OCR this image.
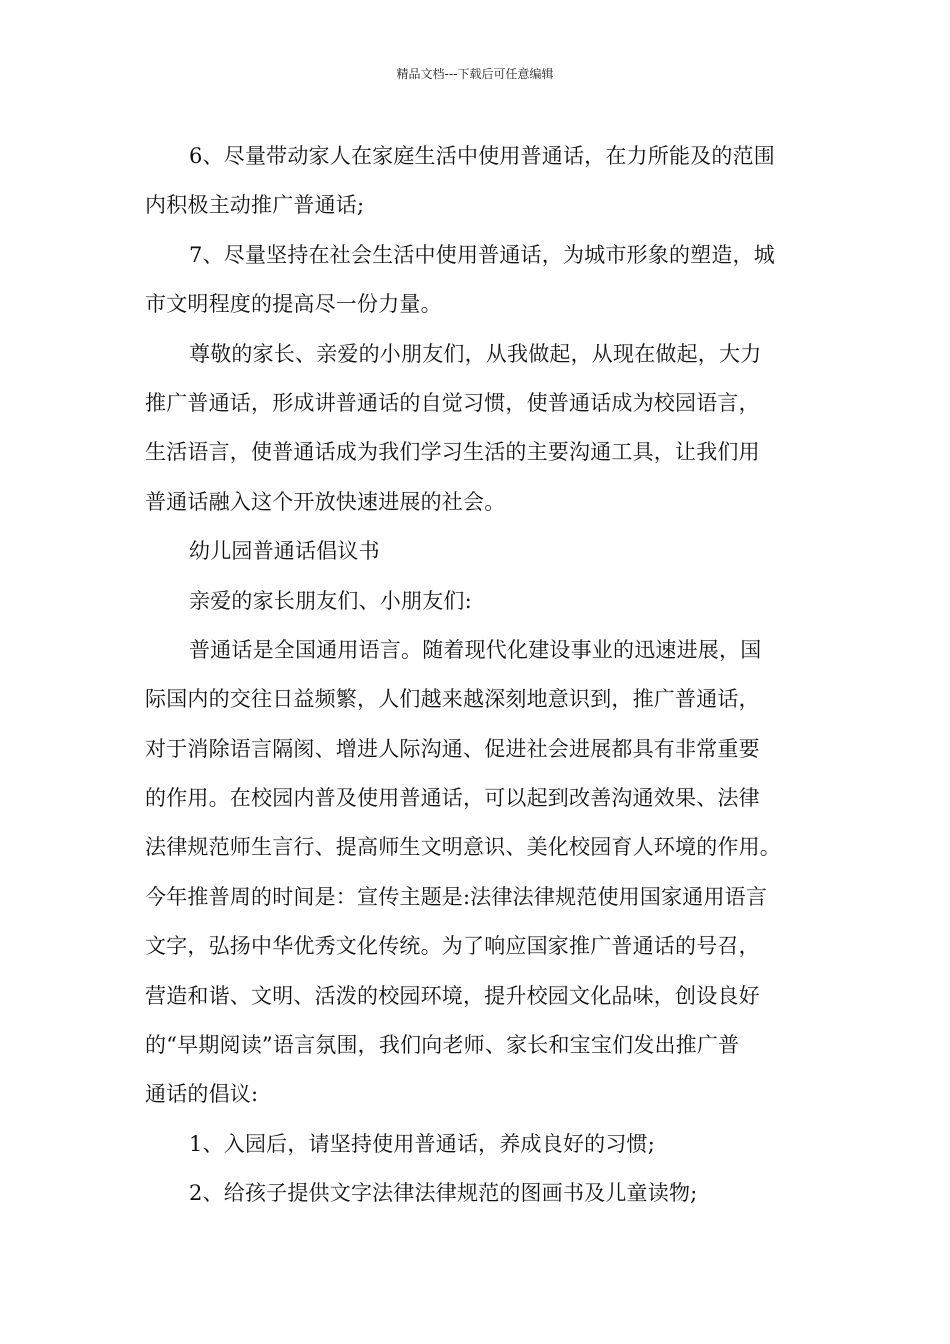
精品文档---下载后可任意编辑
6、尽量带动家人在家庭生活中使用普通话，在力所能及的范围
内积极主动推广普通话;
7、尽量坚持在社会生活中使用普通话，为城市形象的塑造，城
市文明程度的提高尽一份力量。
尊敬的家长、亲爱的小朋友们，从我做起，从现在做起，大力
推广普通话，形成讲普通话的自觉习惯，使普通话成为校园语言，
生活语言，使普通话成为我们学习生活的主要沟通工具，让我们用
普通话融入这个开放快速进展的社会。
幼儿园普通话倡议书
亲爱的家长朋友们、小朋友们:
普通话是全国通用语言。随着现代化建设事业的迅速进展，国
际国内的交往日益频繁，人们越来越深刻地意识到，推广普通话，
对于消除语言隔阂、增进人际沟通、促进社会进展都具有非常重要
的作用。在校园内普及使用普通话，可以起到改善沟通效果、法律
法律规范师生言行、提高师生文明意识、美化校园育人环境的作用。
今年推普周的时间是：宣传主题是:法律法律规范使用国家通用语言
文字，弘扬中华优秀文化传统。为了响应国家推广普通话的号召，
营造和谐、文明、活泼的校园环境，提升校园文化品味，创设良好
的“早期阅读”语言氛围，我们向老师、家长和宝宝们发出推广普
通话的倡议:
1、入园后，请坚持使用普通话，养成良好的习惯;
2、给孩子提供文字法律法律规范的图画书及儿童读物;
